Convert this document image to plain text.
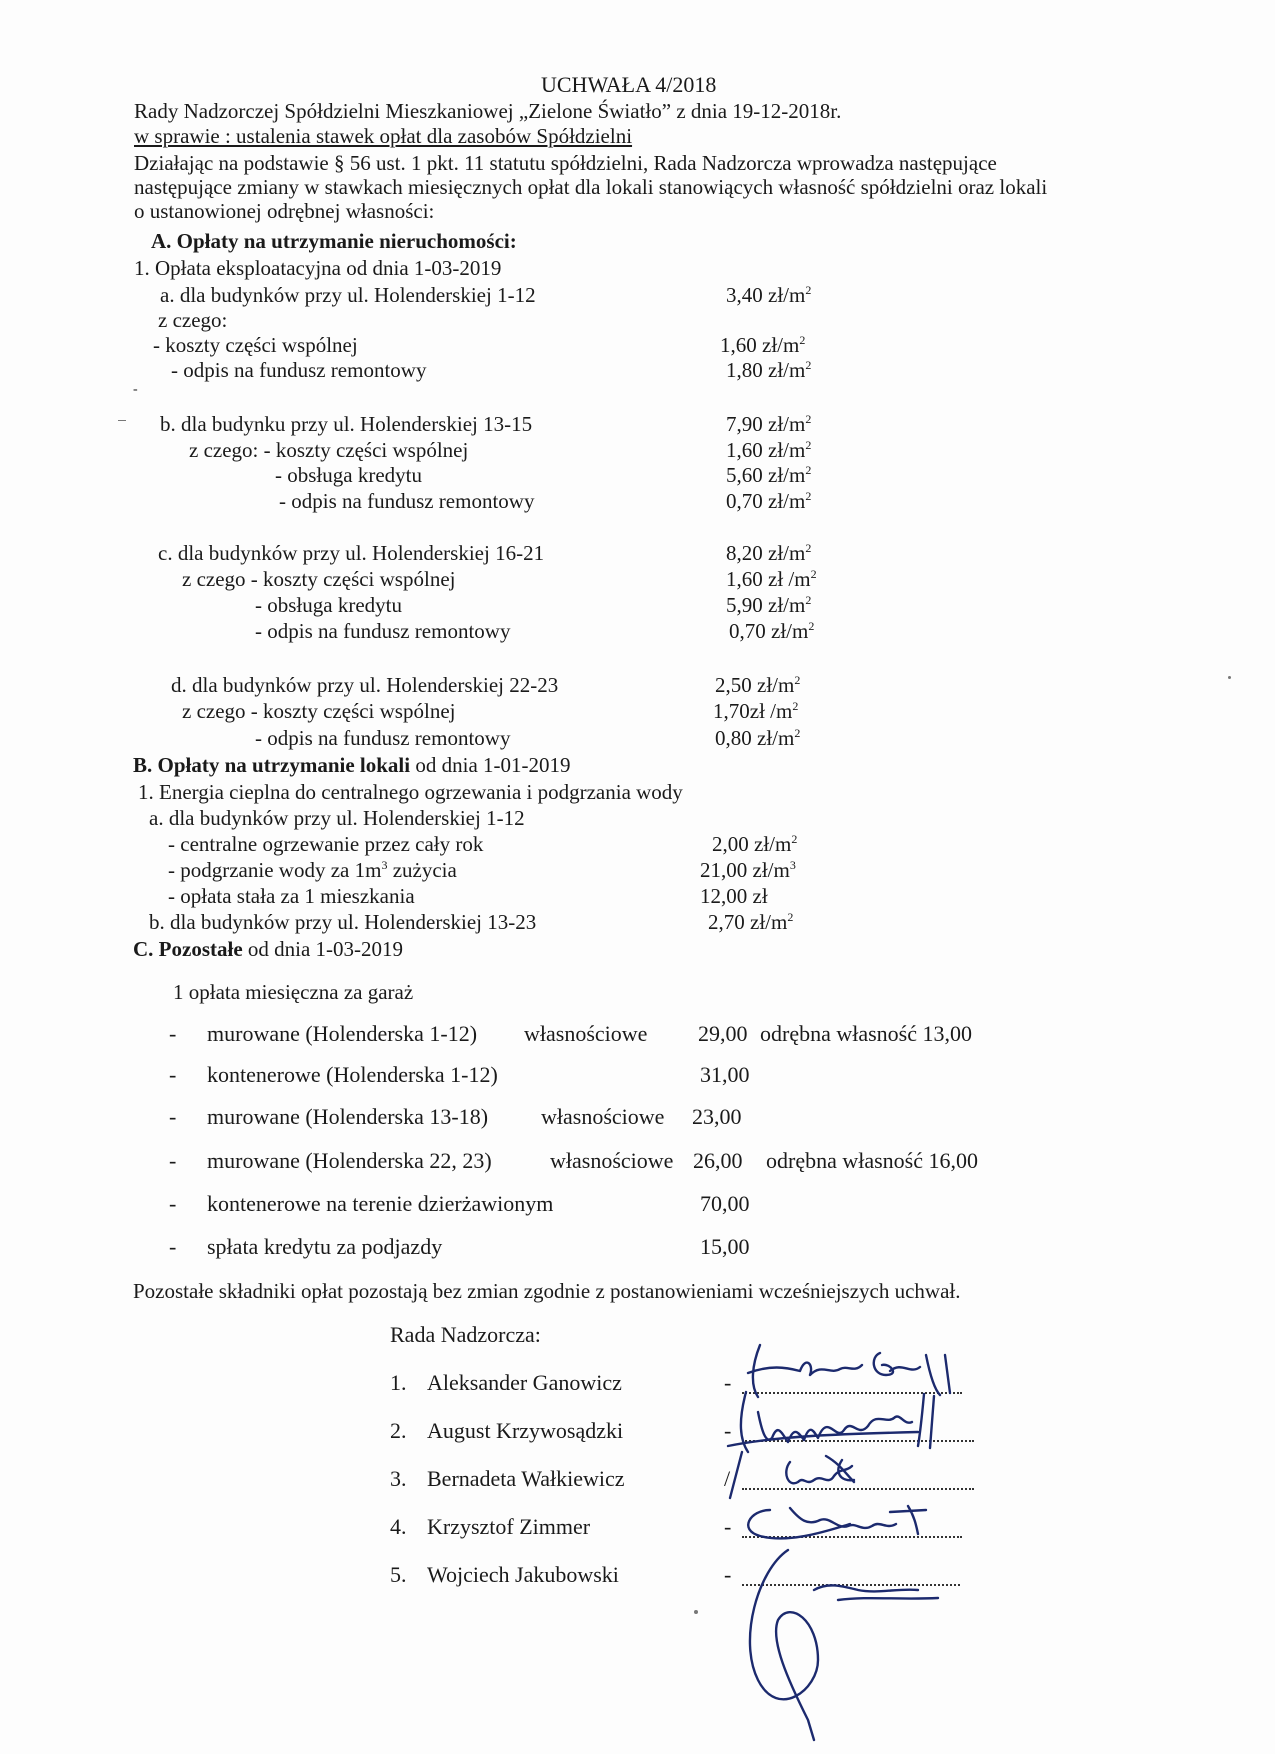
UCHWAŁA 4/2018
Rady Nadzorczej Spółdzielni Mieszkaniowej „Zielone Światło” z dnia 19-12-2018r.
w sprawie : ustalenia stawek opłat dla zasobów Spółdzielni
Działając na podstawie § 56 ust. 1 pkt. 11 statutu spółdzielni, Rada Nadzorcza wprowadza następujące
następujące zmiany w stawkach miesięcznych opłat dla lokali stanowiących własność spółdzielni oraz lokali
o ustanowionej odrębnej własności:
A. Opłaty na utrzymanie nieruchomości:
1. Opłata eksploatacyjna od dnia 1-03-2019
a. dla budynków przy ul. Holenderskiej 1-12	3,40 $zł/m^2$
z czego:
- koszty części wspólnej	1,60 $zł/m^2$
- odpis na fundusz remontowy	1,80 $zł/m^2$
-
b. dla budynku przy ul. Holenderskiej 13-15	7,90 $zł/m^2$
z czego: - koszty części wspólnej	1,60 $zł/m^2$
- obsługa kredytu	5,60 $zł/m^2$
- odpis na fundusz remontowy	0,70 $zł/m^2$
c. dla budynków przy ul. Holenderskiej 16-21	8,20 $zł/m^2$
z czego - koszty części wspólnej	1,60 zł $/m^2$
- obsługa kredytu	5,90 $zł/m^2$
- odpis na fundusz remontowy	0,70 $zł/m^2$
d. dla budynków przy ul. Holenderskiej 22-23	2,50 $zł/m^2$
z czego - koszty części wspólnej	1,70zł $/m^2$
- odpis na fundusz remontowy	0,80 $zł/m^2$
B. Opłaty na utrzymanie lokali od dnia 1-01-2019
1. Energia cieplna do centralnego ogrzewania i podgrzania wody
a. dla budynków przy ul. Holenderskiej 1-12
- centralne ogrzewanie przez cały rok	2,00 $zł/m^2$
- podgrzanie wody za $1m^3$ zużycia	21,00 $zł/m^3$
- opłata stała za 1 mieszkania	12,00 zł
b. dla budynków przy ul. Holenderskiej 13-23	2,70 $zł/m^2$
C. Pozostałe od dnia 1-03-2019
1 opłata miesięczna za garaż
- murowane (Holenderska 1-12) własnościowe 29,00 odrębna własność 13,00
- kontenerowe (Holenderska 1-12)	31,00
- murowane (Holenderska 13-18) własnościowe 23,00
- murowane (Holenderska 22, 23)	własnościowe 26,00 odrębna własność 16,00
- kontenerowe na terenie dzierżawionym	70,00
- spłata kredytu za podjazdy	15,00
Pozostałe składniki opłat pozostają bez zmian zgodnie z postanowieniami wcześniejszych uchwał.
Rada Nadzorcza:
1. Aleksander Ganowicz	-
2. August Krzywosądzki	-
3. Bernadeta Wałkiewicz	/
4. Krzysztof Zimmer	-
5. Wojciech Jakubowski	-
